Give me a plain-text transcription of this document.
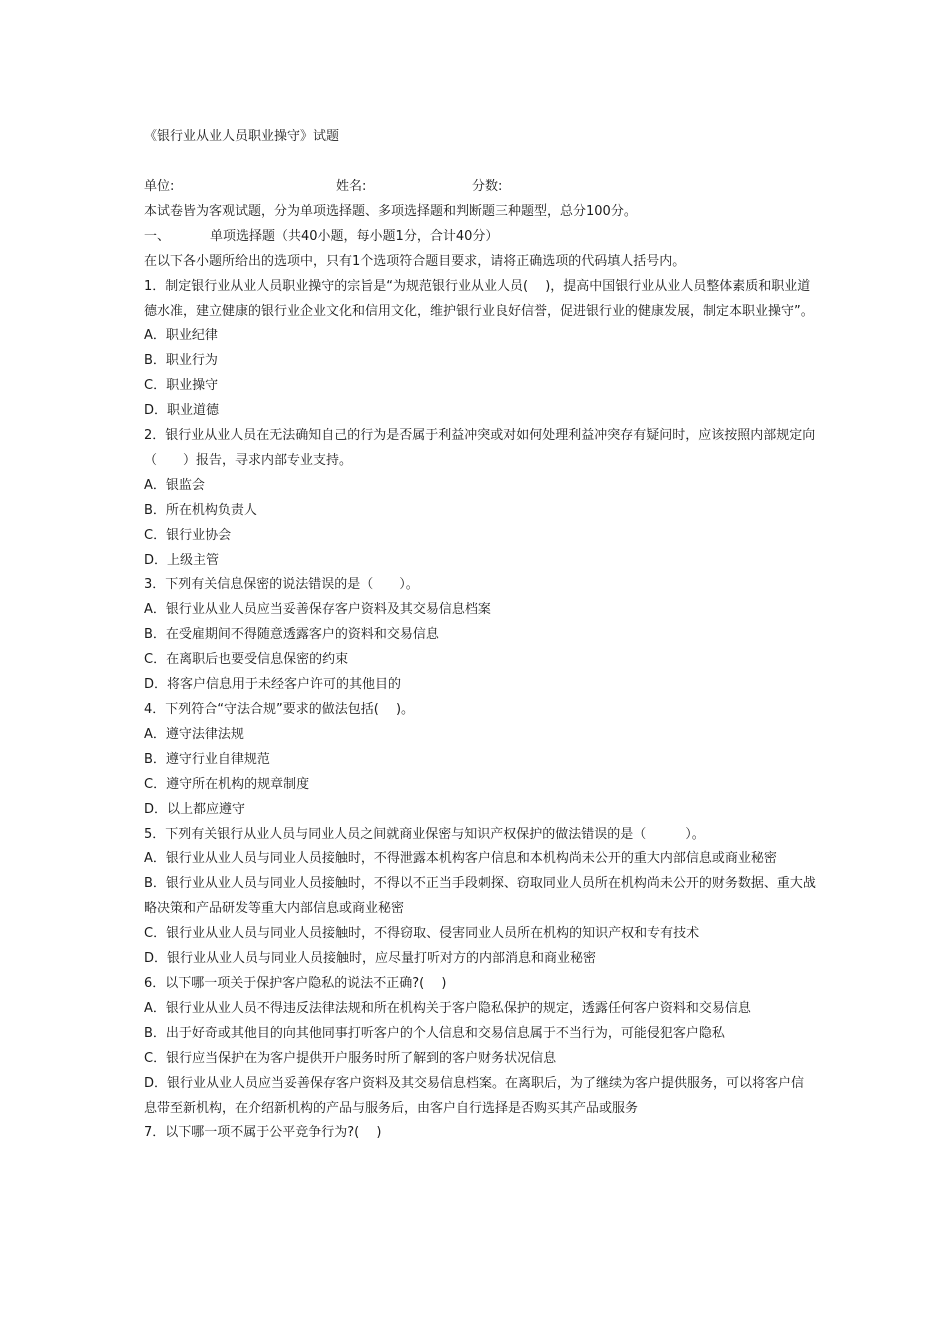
《银行业从业人员职业操守》试题
单位:	姓名:	分数:
本试卷皆为客观试题，分为单项选择题、多项选择题和判断题三种题型，总分100分。
一、	单项选择题（共40小题，每小题1分，合计40分）
在以下各小题所给出的选项中，只有1个选项符合题目要求，请将正确选项的代码填人括号内。
1．制定银行业从业人员职业操守的宗旨是“为规范银行业从业人员(　 )，提高中国银行业从业人员整体素质和职业道德水准，建立健康的银行业企业文化和信用文化，维护银行业良好信誉，促进银行业的健康发展，制定本职业操守”。
A．职业纪律
B．职业行为
C．职业操守
D．职业道德
2．银行业从业人员在无法确知自己的行为是否属于利益冲突或对如何处理利益冲突存有疑问时，应该按照内部规定向（　　）报告，寻求内部专业支持。
A．银监会
B．所在机构负责人
C．银行业协会
D．上级主管
3．下列有关信息保密的说法错误的是（　　）。
A．银行业从业人员应当妥善保存客户资料及其交易信息档案
B．在受雇期间不得随意透露客户的资料和交易信息
C．在离职后也要受信息保密的约束
D．将客户信息用于未经客户许可的其他目的
4．下列符合“守法合规”要求的做法包括(　 )。
A．遵守法律法规
B．遵守行业自律规范
C．遵守所在机构的规章制度
D．以上都应遵守
5．下列有关银行从业人员与同业人员之间就商业保密与知识产权保护的做法错误的是（　　　）。
A．银行业从业人员与同业人员接触时，不得泄露本机构客户信息和本机构尚未公开的重大内部信息或商业秘密
B．银行业从业人员与同业人员接触时，不得以不正当手段刺探、窃取同业人员所在机构尚未公开的财务数据、重大战略决策和产品研发等重大内部信息或商业秘密
C．银行业从业人员与同业人员接触时，不得窃取、侵害同业人员所在机构的知识产权和专有技术
D．银行业从业人员与同业人员接触时，应尽量打听对方的内部消息和商业秘密
6．以下哪一项关于保护客户隐私的说法不正确?(　 )
A．银行业从业人员不得违反法律法规和所在机构关于客户隐私保护的规定，透露任何客户资料和交易信息
B．出于好奇或其他目的向其他同事打听客户的个人信息和交易信息属于不当行为，可能侵犯客户隐私
C．银行应当保护在为客户提供开户服务时所了解到的客户财务状况信息
D．银行业从业人员应当妥善保存客户资料及其交易信息档案。在离职后，为了继续为客户提供服务，可以将客户信息带至新机构，在介绍新机构的产品与服务后，由客户自行选择是否购买其产品或服务
7．以下哪一项不属于公平竞争行为?(　 )
